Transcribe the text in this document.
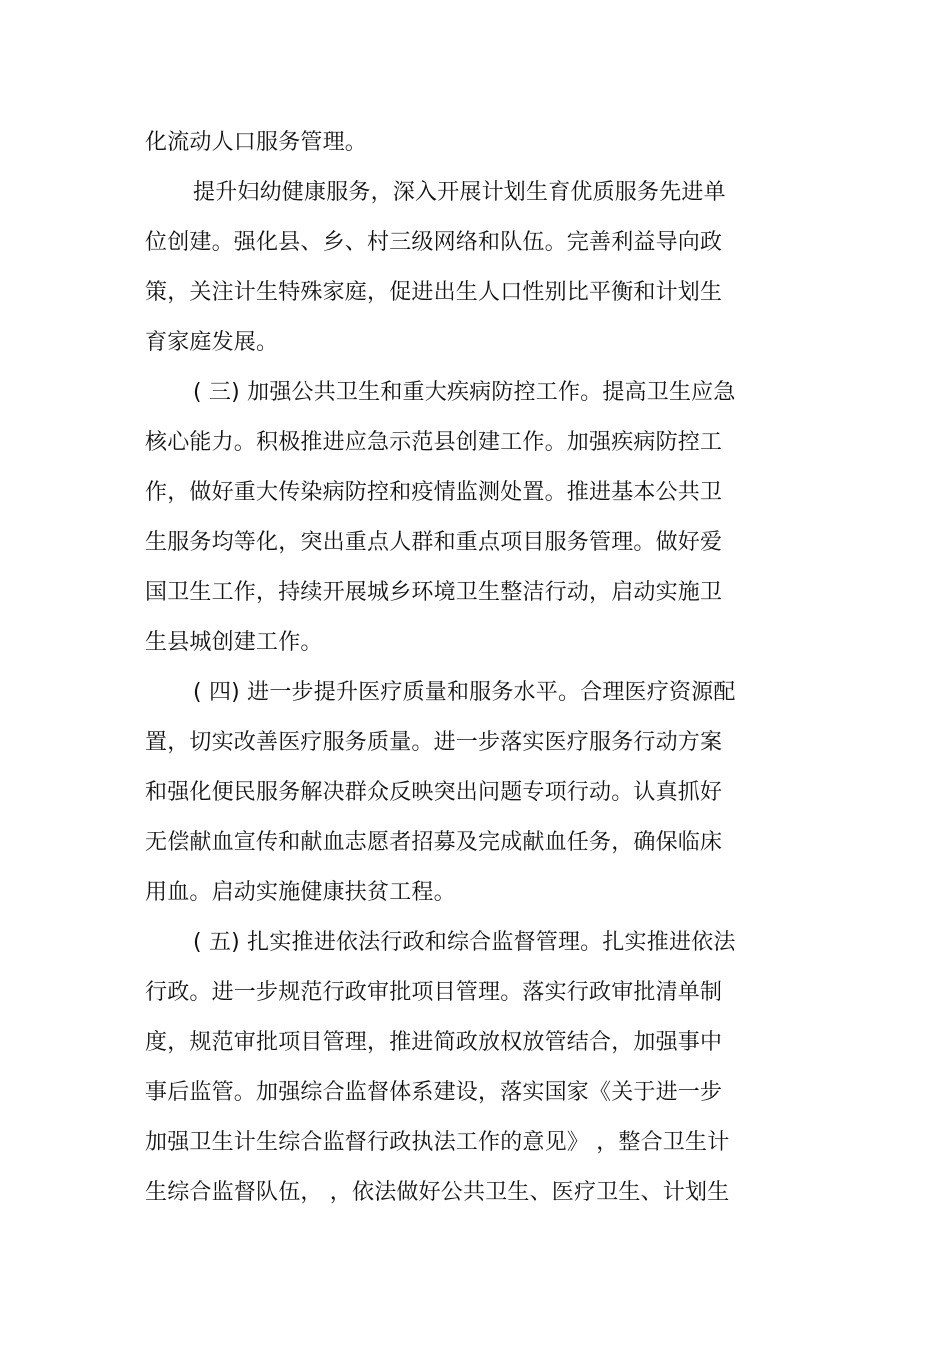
化流动人口服务管理。
提升妇幼健康服务，深入开展计划生育优质服务先进单
位创建。强化县、乡、村三级网络和队伍。完善利益导向政
策，关注计生特殊家庭，促进出生人口性别比平衡和计划生
育家庭发展。
( 三) 加强公共卫生和重大疾病防控工作。提高卫生应急
核心能力。积极推进应急示范县创建工作。加强疾病防控工
作，做好重大传染病防控和疫情监测处置。推进基本公共卫
生服务均等化，突出重点人群和重点项目服务管理。做好爱
国卫生工作，持续开展城乡环境卫生整洁行动，启动实施卫
生县城创建工作。
( 四) 进一步提升医疗质量和服务水平。合理医疗资源配
置，切实改善医疗服务质量。进一步落实医疗服务行动方案
和强化便民服务解决群众反映突出问题专项行动。认真抓好
无偿献血宣传和献血志愿者招募及完成献血任务，确保临床
用血。启动实施健康扶贫工程。
( 五) 扎实推进依法行政和综合监督管理。扎实推进依法
行政。进一步规范行政审批项目管理。落实行政审批清单制
度，规范审批项目管理，推进简政放权放管结合，加强事中
事后监管。加强综合监督体系建设，落实国家《关于进一步
加强卫生计生综合监督行政执法工作的意见》 ，整合卫生计
生综合监督队伍， ，依法做好公共卫生、医疗卫生、计划生
